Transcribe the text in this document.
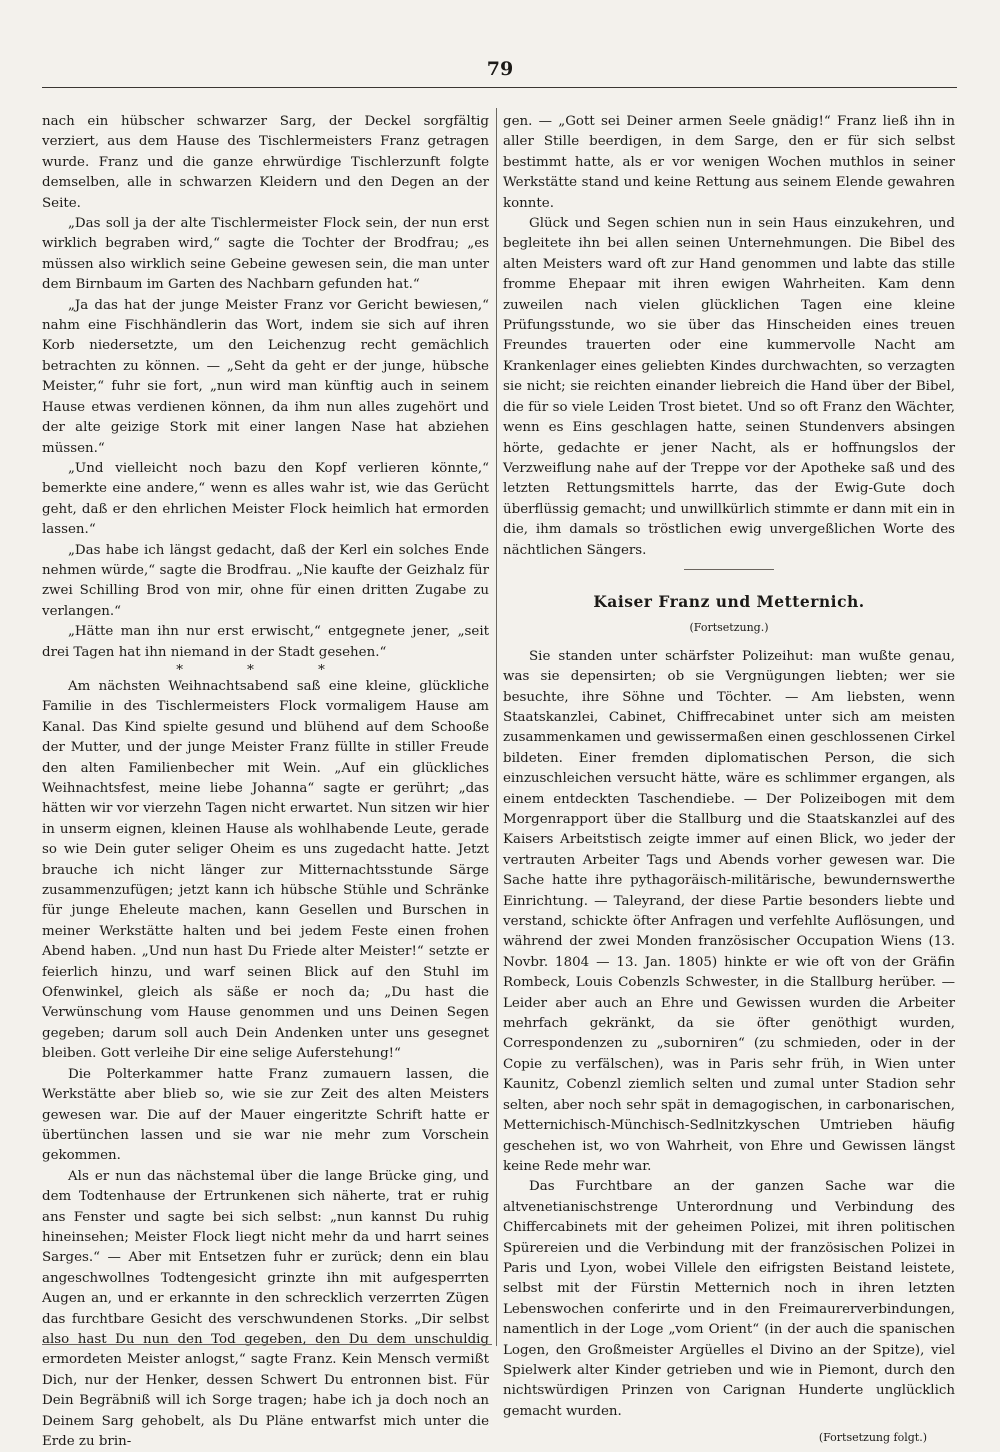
79

nach ein hübscher schwarzer Sarg, der Deckel sorgfältig verziert, aus dem Hause des Tischlermeisters Franz getragen wurde. Franz und die ganze ehrwürdige Tischlerzunft folgte demselben, alle in schwarzen Kleidern und den Degen an der Seite.

„Das soll ja der alte Tischlermeister Flock sein, der nun erst wirklich begraben wird,“ sagte die Tochter der Brodfrau; „es müssen also wirklich seine Gebeine gewesen sein, die man unter dem Birnbaum im Garten des Nachbarn gefunden hat.“

„Ja das hat der junge Meister Franz vor Gericht bewiesen,“ nahm eine Fischhändlerin das Wort, indem sie sich auf ihren Korb niedersetzte, um den Leichenzug recht gemächlich betrachten zu können. — „Seht da geht er der junge, hübsche Meister,“ fuhr sie fort, „nun wird man künftig auch in seinem Hause etwas verdienen können, da ihm nun alles zugehört und der alte geizige Stork mit einer langen Nase hat abziehen müssen.“

„Und vielleicht noch bazu den Kopf verlieren könnte,“ bemerkte eine andere,“ wenn es alles wahr ist, wie das Gerücht geht, daß er den ehrlichen Meister Flock heimlich hat ermorden lassen.“

„Das habe ich längst gedacht, daß der Kerl ein solches Ende nehmen würde,“ sagte die Brodfrau. „Nie kaufte der Geizhalz für zwei Schilling Brod von mir, ohne für einen dritten Zugabe zu verlangen.“

„Hätte man ihn nur erst erwischt,“ entgegnete jener, „seit drei Tagen hat ihn niemand in der Stadt gesehen.“

* * *

Am nächsten Weihnachtsabend saß eine kleine, glückliche Familie in des Tischlermeisters Flock vormaligem Hause am Kanal. Das Kind spielte gesund und blühend auf dem Schooße der Mutter, und der junge Meister Franz füllte in stiller Freude den alten Familienbecher mit Wein. „Auf ein glückliches Weihnachtsfest, meine liebe Johanna“ sagte er gerührt; „das hätten wir vor vierzehn Tagen nicht erwartet. Nun sitzen wir hier in unserm eignen, kleinen Hause als wohlhabende Leute, gerade so wie Dein guter seliger Oheim es uns zugedacht hatte. Jetzt brauche ich nicht länger zur Mitternachtsstunde Särge zusammenzufügen; jetzt kann ich hübsche Stühle und Schränke für junge Eheleute machen, kann Gesellen und Burschen in meiner Werkstätte halten und bei jedem Feste einen frohen Abend haben. „Und nun hast Du Friede alter Meister!“ setzte er feierlich hinzu, und warf seinen Blick auf den Stuhl im Ofenwinkel, gleich als säße er noch da; „Du hast die Verwünschung vom Hause genommen und uns Deinen Segen gegeben; darum soll auch Dein Andenken unter uns gesegnet bleiben. Gott verleihe Dir eine selige Auferstehung!“

Die Polterkammer hatte Franz zumauern lassen, die Werkstätte aber blieb so, wie sie zur Zeit des alten Meisters gewesen war. Die auf der Mauer eingeritzte Schrift hatte er übertünchen lassen und sie war nie mehr zum Vorschein gekommen.

Als er nun das nächstemal über die lange Brücke ging, und dem Todtenhause der Ertrunkenen sich näherte, trat er ruhig ans Fenster und sagte bei sich selbst: „nun kannst Du ruhig hineinsehen; Meister Flock liegt nicht mehr da und harrt seines Sarges.“ — Aber mit Entsetzen fuhr er zurück; denn ein blau angeschwollnes Todtengesicht grinzte ihn mit aufgesperrten Augen an, und er erkannte in den schrecklich verzerrten Zügen das furchtbare Gesicht des verschwundenen Storks. „Dir selbst also hast Du nun den Tod gegeben, den Du dem unschuldig ermordeten Meister anlogst,“ sagte Franz. Kein Mensch vermißt Dich, nur der Henker, dessen Schwert Du entronnen bist. Für Dein Begräbniß will ich Sorge tragen; habe ich ja doch noch an Deinem Sarg gehobelt, als Du Pläne entwarfst mich unter die Erde zu brin-

gen. — „Gott sei Deiner armen Seele gnädig!“ Franz ließ ihn in aller Stille beerdigen, in dem Sarge, den er für sich selbst bestimmt hatte, als er vor wenigen Wochen muthlos in seiner Werkstätte stand und keine Rettung aus seinem Elende gewahren konnte.

Glück und Segen schien nun in sein Haus einzukehren, und begleitete ihn bei allen seinen Unternehmungen. Die Bibel des alten Meisters ward oft zur Hand genommen und labte das stille fromme Ehepaar mit ihren ewigen Wahrheiten. Kam denn zuweilen nach vielen glücklichen Tagen eine kleine Prüfungsstunde, wo sie über das Hinscheiden eines treuen Freundes trauerten oder eine kummervolle Nacht am Krankenlager eines geliebten Kindes durchwachten, so verzagten sie nicht; sie reichten einander liebreich die Hand über der Bibel, die für so viele Leiden Trost bietet. Und so oft Franz den Wächter, wenn es Eins geschlagen hatte, seinen Stundenvers absingen hörte, gedachte er jener Nacht, als er hoffnungslos der Verzweiflung nahe auf der Treppe vor der Apotheke saß und des letzten Rettungsmittels harrte, das der Ewig-Gute doch überflüssig gemacht; und unwillkürlich stimmte er dann mit ein in die, ihm damals so tröstlichen ewig unvergeßlichen Worte des nächtlichen Sängers.

Kaiser Franz und Metternich.
(Fortsetzung.)

Sie standen unter schärfster Polizeihut: man wußte genau, was sie depensirten; ob sie Vergnügungen liebten; wer sie besuchte, ihre Söhne und Töchter. — Am liebsten, wenn Staatskanzlei, Cabinet, Chiffrecabinet unter sich am meisten zusammenkamen und gewissermaßen einen geschlossenen Cirkel bildeten. Einer fremden diplomatischen Person, die sich einzuschleichen versucht hätte, wäre es schlimmer ergangen, als einem entdeckten Taschendiebe. — Der Polizeibogen mit dem Morgenrapport über die Stallburg und die Staatskanzlei auf des Kaisers Arbeitstisch zeigte immer auf einen Blick, wo jeder der vertrauten Arbeiter Tags und Abends vorher gewesen war. Die Sache hatte ihre pythagoräisch-militärische, bewundernswerthe Einrichtung. — Taleyrand, der diese Partie besonders liebte und verstand, schickte öfter Anfragen und verfehlte Auflösungen, und während der zwei Monden französischer Occupation Wiens (13. Novbr. 1804 — 13. Jan. 1805) hinkte er wie oft von der Gräfin Rombeck, Louis Cobenzls Schwester, in die Stallburg herüber. — Leider aber auch an Ehre und Gewissen wurden die Arbeiter mehrfach gekränkt, da sie öfter genöthigt wurden, Correspondenzen zu „suborniren“ (zu schmieden, oder in der Copie zu verfälschen), was in Paris sehr früh, in Wien unter Kaunitz, Cobenzl ziemlich selten und zumal unter Stadion sehr selten, aber noch sehr spät in demagogischen, in carbonarischen, Metternichisch-Münchisch-Sedlnitzkyschen Umtrieben häufig geschehen ist, wo von Wahrheit, von Ehre und Gewissen längst keine Rede mehr war.

Das Furchtbare an der ganzen Sache war die altvenetianischstrenge Unterordnung und Verbindung des Chiffercabinets mit der geheimen Polizei, mit ihren politischen Spürereien und die Verbindung mit der französischen Polizei in Paris und Lyon, wobei Villele den eifrigsten Beistand leistete, selbst mit der Fürstin Metternich noch in ihren letzten Lebenswochen conferirte und in den Freimaurerverbindungen, namentlich in der Loge „vom Orient“ (in der auch die spanischen Logen, den Großmeister Argüelles el Divino an der Spitze), viel Spielwerk alter Kinder getrieben und wie in Piemont, durch den nichtswürdigen Prinzen von Carignan Hunderte unglücklich gemacht wurden.

(Fortsetzung folgt.)
